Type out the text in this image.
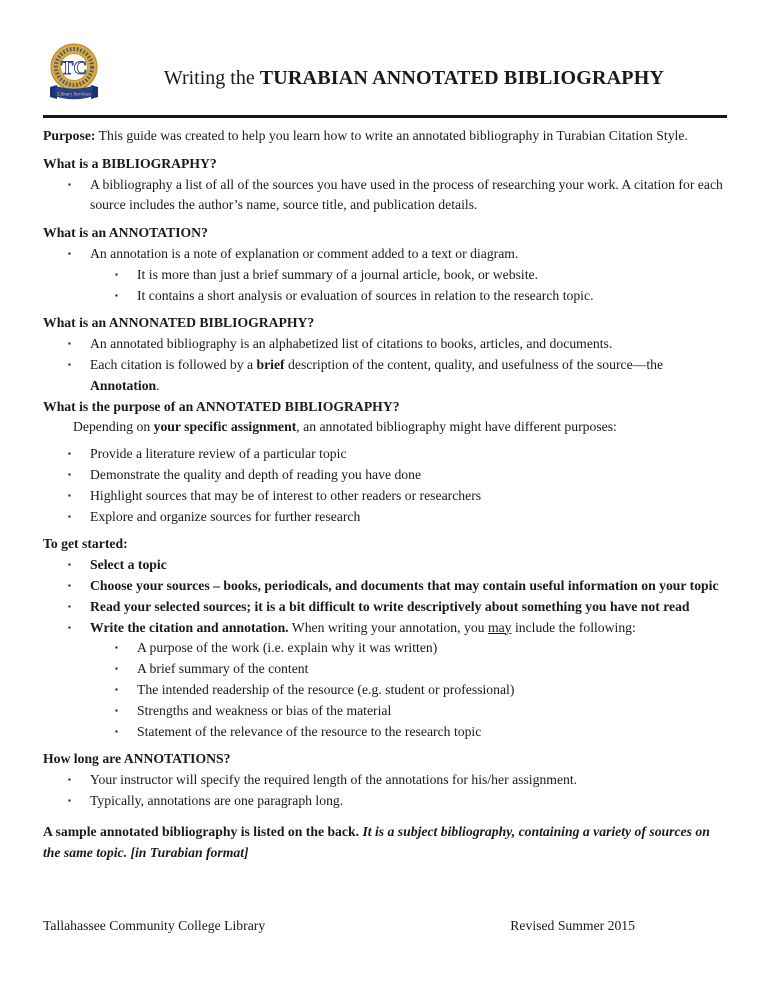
TC
Library Services
Writing the TURABIAN ANNOTATED BIBLIOGRAPHY
Purpose: This guide was created to help you learn how to write an annotated bibliography in Turabian Citation Style.
What is a BIBLIOGRAPHY?
▪	A bibliography a list of all of the sources you have used in the process of researching your work. A citation for each source includes the author’s name, source title, and publication details.
What is an ANNOTATION?
▪	An annotation is a note of explanation or comment added to a text or diagram.
▪	It is more than just a brief summary of a journal article, book, or website.
▪	It contains a short analysis or evaluation of sources in relation to the research topic.
What is an ANNONATED BIBLIOGRAPHY?
▪	An annotated bibliography is an alphabetized list of citations to books, articles, and documents.
▪	Each citation is followed by a brief description of the content, quality, and usefulness of the source—the Annotation.
What is the purpose of an ANNOTATED BIBLIOGRAPHY?
Depending on your specific assignment, an annotated bibliography might have different purposes:
▪	Provide a literature review of a particular topic
▪	Demonstrate the quality and depth of reading you have done
▪	Highlight sources that may be of interest to other readers or researchers
▪	Explore and organize sources for further research
To get started:
▪	Select a topic
▪	Choose your sources – books, periodicals, and documents that may contain useful information on your topic
▪	Read your selected sources; it is a bit difficult to write descriptively about something you have not read
▪	Write the citation and annotation. When writing your annotation, you may include the following:
▪	A purpose of the work (i.e. explain why it was written)
▪	A brief summary of the content
▪	The intended readership of the resource (e.g. student or professional)
▪	Strengths and weakness or bias of the material
▪	Statement of the relevance of the resource to the research topic
How long are ANNOTATIONS?
▪	Your instructor will specify the required length of the annotations for his/her assignment.
▪	Typically, annotations are one paragraph long.
A sample annotated bibliography is listed on the back. It is a subject bibliography, containing a variety of sources on the same topic. [in Turabian format]
Tallahassee Community College Library	Revised Summer 2015
